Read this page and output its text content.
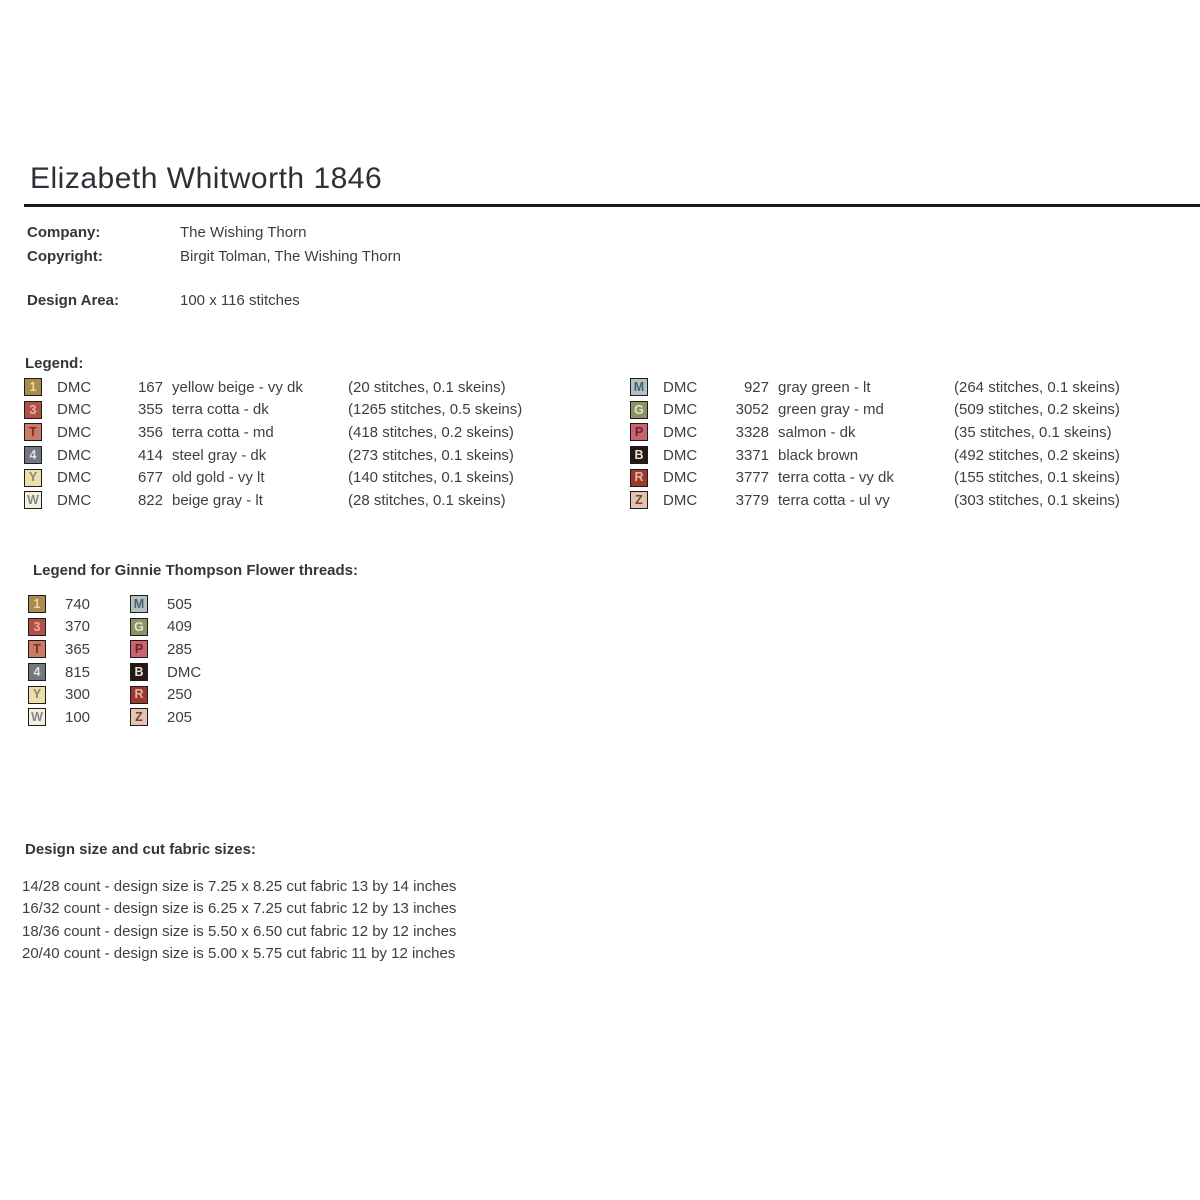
Elizabeth Whitworth 1846
Company:	The Wishing Thorn
Copyright:	Birgit Tolman, The Wishing Thorn
Design Area:	100 x 116 stitches
Legend:
1	DMC	167 yellow beige - vy dk	(20 stitches, 0.1 skeins)
3	DMC	355 terra cotta - dk	(1265 stitches, 0.5 skeins)
T	DMC	356 terra cotta - md	(418 stitches, 0.2 skeins)
4	DMC	414 steel gray - dk	(273 stitches, 0.1 skeins)
Y	DMC	677 old gold - vy lt	(140 stitches, 0.1 skeins)
W DMC	822 beige gray - lt	(28 stitches, 0.1 skeins)
M DMC	927 gray green - lt	(264 stitches, 0.1 skeins)
G DMC	3052 green gray - md	(509 stitches, 0.2 skeins)
P	DMC	3328 salmon - dk	(35 stitches, 0.1 skeins)
B DMC	3371 black brown	(492 stitches, 0.2 skeins)
R DMC	3777 terra cotta - vy dk	(155 stitches, 0.1 skeins)
Z	DMC	3779 terra cotta - ul vy	(303 stitches, 0.1 skeins)
Legend for Ginnie Thompson Flower threads:
1	740
3	370
T	365
4	815
Y	300
W 100
M 505
G 409
P	285
B DMC
R 250
Z	205
Design size and cut fabric sizes:
14/28 count - design size is 7.25 x 8.25 cut fabric 13 by 14 inches
16/32 count - design size is 6.25 x 7.25 cut fabric 12 by 13 inches
18/36 count - design size is 5.50 x 6.50 cut fabric 12 by 12 inches
20/40 count - design size is 5.00 x 5.75 cut fabric 11 by 12 inches
